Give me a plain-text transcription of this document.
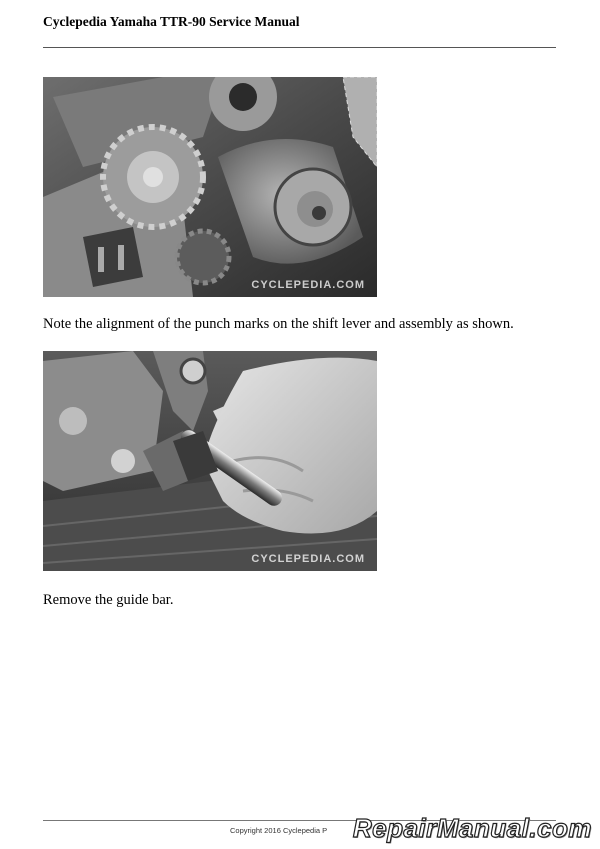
Cyclepedia Yamaha TTR-90 Service Manual
CYCLEPEDIA.COM
Note the alignment of the punch marks on the shift lever and assembly as shown.
CYCLEPEDIA.COM
Remove the guide bar.
Copyright 2016 Cyclepedia P RepairManual.com
